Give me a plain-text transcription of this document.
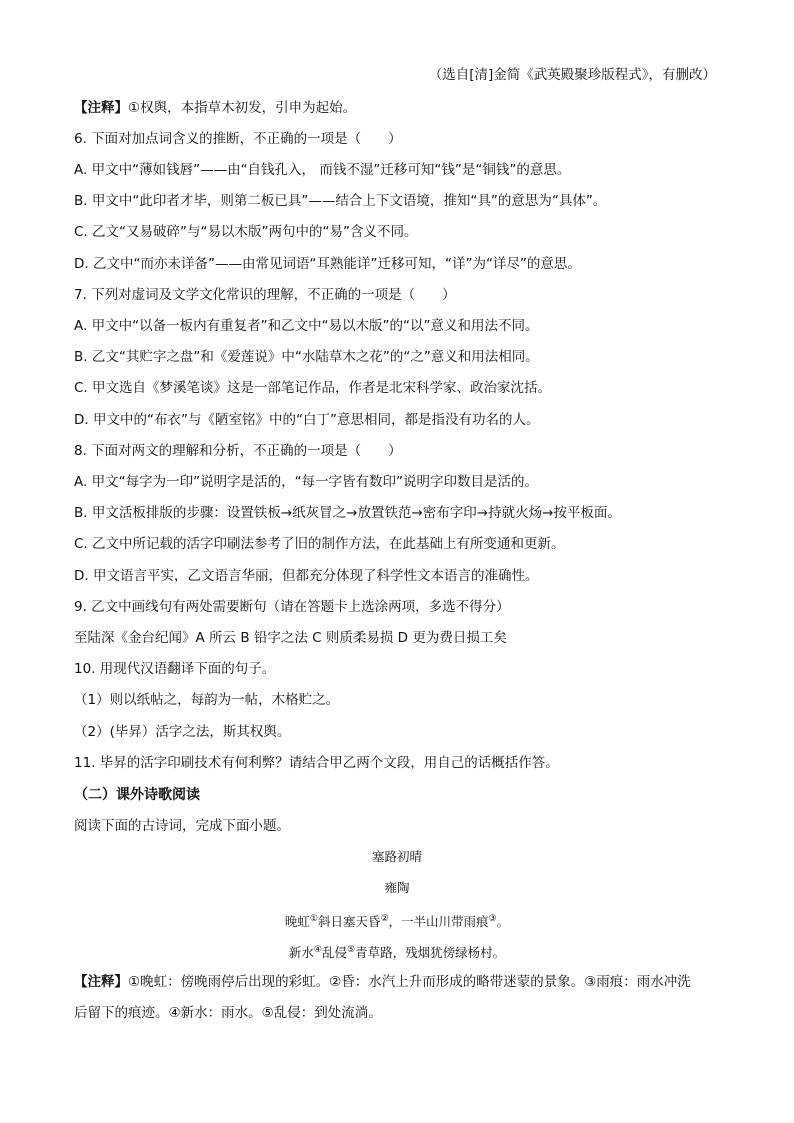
（选自[清]金简《武英殿聚珍版程式》，有删改）
【注释】①权舆，本指草木初发，引申为起始。
6. 下面对加点词含义的推断，不正确的一项是（　　）
A. 甲文中“薄如钱唇”——由“自钱孔入， 而钱不湿”迁移可知“钱”是“铜钱”的意思。
B. 甲文中“此印者才毕，则第二板已具”——结合上下文语境，推知“具”的意思为“具体”。
C. 乙文“又易破碎”与“易以木版”两句中的“易”含义不同。
D. 乙文中“而亦未详备”——由常见词语“耳熟能详”迁移可知，“详”为“详尽”的意思。
7. 下列对虚词及文学文化常识的理解，不正确的一项是（　　）
A. 甲文中“以备一板内有重复者”和乙文中“易以木版”的“以”意义和用法不同。
B. 乙文“其贮字之盘”和《爱莲说》中“水陆草木之花”的“之”意义和用法相同。
C. 甲文选自《梦溪笔谈》这是一部笔记作品，作者是北宋科学家、政治家沈括。
D. 甲文中的“布衣”与《陋室铭》中的“白丁”意思相同，都是指没有功名的人。
8. 下面对两文的理解和分析，不正确的一项是（　　）
A. 甲文“每字为一印”说明字是活的，“每一字皆有数印”说明字印数目是活的。
B. 甲文活板排版的步骤：设置铁板→纸灰冒之→放置铁范→密布字印→持就火炀→按平板面。
C. 乙文中所记载的活字印刷法参考了旧的制作方法，在此基础上有所变通和更新。
D. 甲文语言平实，乙文语言华丽，但都充分体现了科学性文本语言的准确性。
9. 乙文中画线句有两处需要断句（请在答题卡上选涂两项，多选不得分）
至陆深《金台纪闻》A 所云 B 铅字之法 C 则质柔易损 D 更为费日损工矣
10. 用现代汉语翻译下面的句子。
（1）则以纸帖之，每韵为一帖，木格贮之。
（2）(毕昇）活字之法，斯其权舆。
11. 毕昇的活字印刷技术有何利弊？请结合甲乙两个文段，用自己的话概括作答。
（二）课外诗歌阅读
阅读下面的古诗词，完成下面小题。
塞路初晴
雍陶
晚虹①斜日塞天昏②，一半山川带雨痕③。
新水④乱侵⑤青草路，残烟犹傍绿杨村。
【注释】①晚虹：傍晚雨停后出现的彩虹。②昏：水汽上升而形成的略带迷蒙的景象。③雨痕：雨水冲洗
后留下的痕迹。④新水：雨水。⑤乱侵：到处流淌。
